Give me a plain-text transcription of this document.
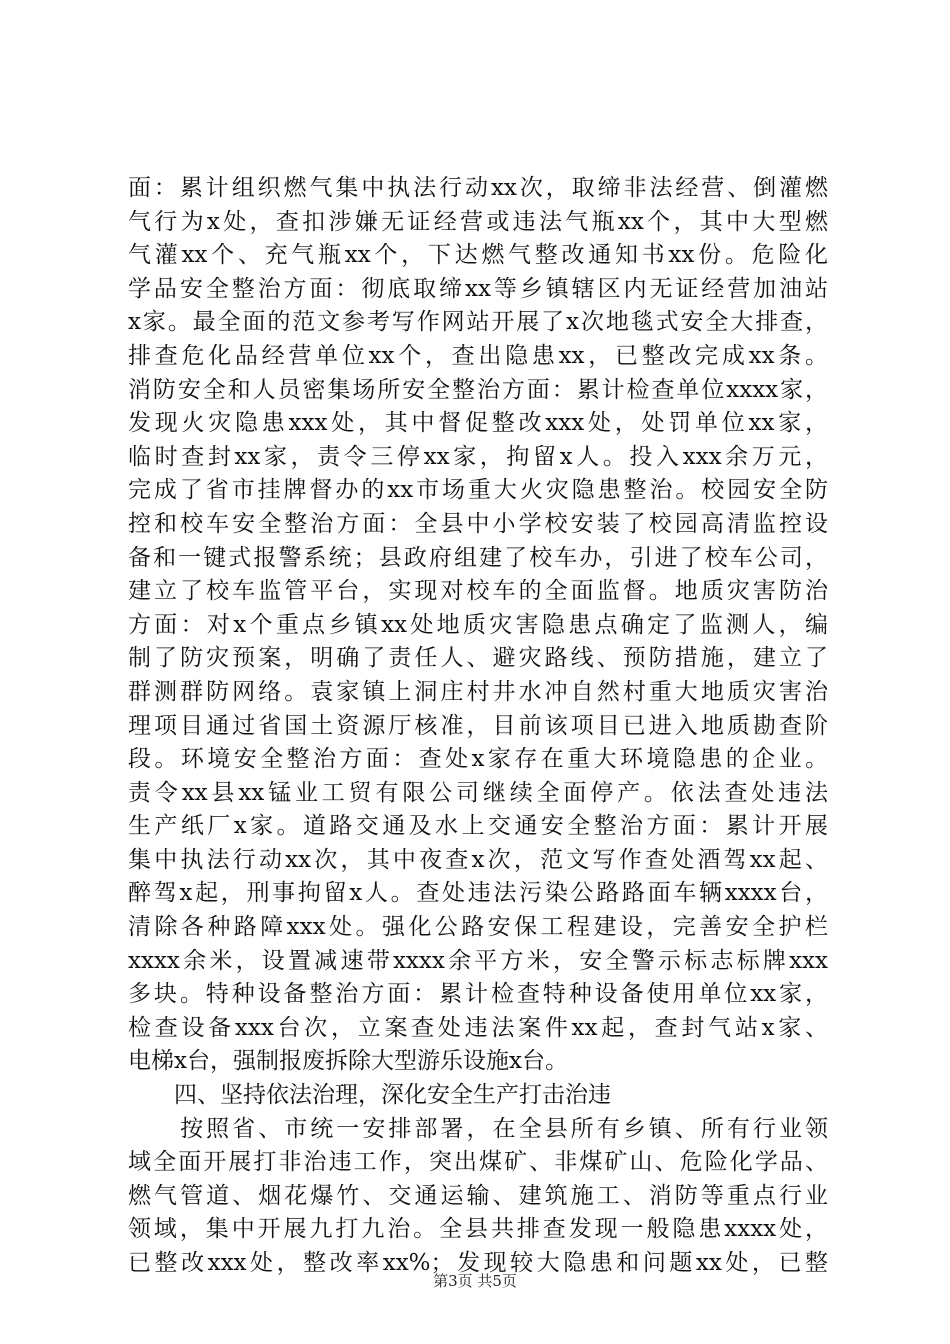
面：累计组织燃气集中执法行动xx次，取缔非法经营、倒灌燃
气行为x处，查扣涉嫌无证经营或违法气瓶xx个，其中大型燃
气灌xx个、充气瓶xx个，下达燃气整改通知书xx份。危险化
学品安全整治方面：彻底取缔xx等乡镇辖区内无证经营加油站
x家。最全面的范文参考写作网站开展了x次地毯式安全大排查，
排查危化品经营单位xx个，查出隐患xx，已整改完成xx条。
消防安全和人员密集场所安全整治方面：累计检查单位xxxx家，
发现火灾隐患xxx处，其中督促整改xxx处，处罚单位xx家，
临时查封xx家，责令三停xx家，拘留x人。投入xxx余万元，
完成了省市挂牌督办的xx市场重大火灾隐患整治。校园安全防
控和校车安全整治方面：全县中小学校安装了校园高清监控设
备和一键式报警系统；县政府组建了校车办，引进了校车公司，
建立了校车监管平台，实现对校车的全面监督。地质灾害防治
方面：对x个重点乡镇xx处地质灾害隐患点确定了监测人，编
制了防灾预案，明确了责任人、避灾路线、预防措施，建立了
群测群防网络。袁家镇上洞庄村井水冲自然村重大地质灾害治
理项目通过省国土资源厅核准，目前该项目已进入地质勘查阶
段。环境安全整治方面：查处x家存在重大环境隐患的企业。
责令xx县xx锰业工贸有限公司继续全面停产。依法查处违法
生产纸厂x家。道路交通及水上交通安全整治方面：累计开展
集中执法行动xx次，其中夜查x次，范文写作查处酒驾xx起、
醉驾x起，刑事拘留x人。查处违法污染公路路面车辆xxxx台，
清除各种路障xxx处。强化公路安保工程建设，完善安全护栏
xxxx余米，设置减速带xxxx余平方米，安全警示标志标牌xxx
多块。特种设备整治方面：累计检查特种设备使用单位xx家，
检查设备xxx台次，立案查处违法案件xx起，查封气站x家、
电梯x台，强制报废拆除大型游乐设施x台。
　　四、坚持依法治理，深化安全生产打击治违
　　按照省、市统一安排部署，在全县所有乡镇、所有行业领
域全面开展打非治违工作，突出煤矿、非煤矿山、危险化学品、
燃气管道、烟花爆竹、交通运输、建筑施工、消防等重点行业
领域，集中开展九打九治。全县共排查发现一般隐患xxxx处，
已整改xxx处，整改率xx%；发现较大隐患和问题xx处，已整
第3页 共5页
